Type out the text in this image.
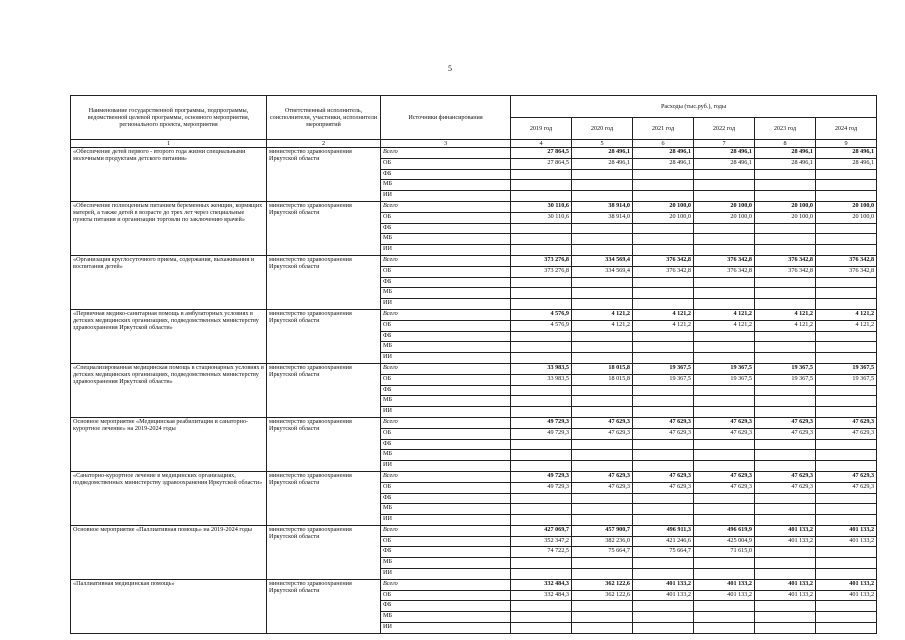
5
Наименование государственной программы, подпрограммы, ведомственной целевой программы, основного мероприятия, регионального проекта, мероприятия	Ответственный исполнитель, соисполнители, участники, исполнители мероприятий	Источники финансирования	Расходы (тыс.руб.), годы					
			2019 год	2020 год	2021 год	2022 год	2023 год	2024 год
1	2	3	4	5	6	7	8	9
«Обеспечение детей первого - второго года жизни специальными молочными продуктами детского питания»	министерство здравоохранения Иркутской области	Всего	27 864,5	28 496,1	28 496,1	28 496,1	28 496,1	28 496,1
		ОБ	27 864,5	28 496,1	28 496,1	28 496,1	28 496,1	28 496,1
		ФБ						
		МБ						
		ИИ						
«Обеспечение полноценным питанием беременных женщин, кормящих матерей, а также детей в возрасте до трех лет через специальные пункты питания и организации торговли по заключению врачей»	министерство здравоохранения Иркутской области	Всего	30 110,6	38 914,0	20 100,0	20 100,0	20 100,0	20 100,0
		ОБ	30 110,6	38 914,0	20 100,0	20 100,0	20 100,0	20 100,0
		ФБ						
		МБ						
		ИИ						
«Организация круглосуточного приема, содержания, выхаживания и воспитания детей»	министерство здравоохранения Иркутской области	Всего	373 276,8	334 569,4	376 342,8	376 342,8	376 342,8	376 342,8
		ОБ	373 276,8	334 569,4	376 342,8	376 342,8	376 342,8	376 342,8
		ФБ						
		МБ						
		ИИ						
«Первичная медико-санитарная помощь в амбулаторных условиях в детских медицинских организациях, подведомственных министерству здравоохранения Иркутской области»	министерство здравоохранения Иркутской области	Всего	4 576,9	4 121,2	4 121,2	4 121,2	4 121,2	4 121,2
		ОБ	4 576,9	4 121,2	4 121,2	4 121,2	4 121,2	4 121,2
		ФБ						
		МБ						
		ИИ						
«Специализированная медицинская помощь в стационарных условиях в детских медицинских организациях, подведомственных министерству здравоохранения Иркутской области»	министерство здравоохранения Иркутской области	Всего	33 983,5	18 015,8	19 367,5	19 367,5	19 367,5	19 367,5
		ОБ	33 983,5	18 015,8	19 367,5	19 367,5	19 367,5	19 367,5
		ФБ						
		МБ						
		ИИ						
Основное мероприятие «Медицинская реабилитация и санаторно-курортное лечение» на 2019-2024 годы	министерство здравоохранения Иркутской области	Всего	49 729,3	47 629,3	47 629,3	47 629,3	47 629,3	47 629,3
		ОБ	49 729,3	47 629,3	47 629,3	47 629,3	47 629,3	47 629,3
		ФБ						
		МБ						
		ИИ						
«Санаторно-курортное лечение в медицинских организациях, подведомственных министерству здравоохранения Иркутской области»	министерство здравоохранения Иркутской области	Всего	49 729,3	47 629,3	47 629,3	47 629,3	47 629,3	47 629,3
		ОБ	49 729,3	47 629,3	47 629,3	47 629,3	47 629,3	47 629,3
		ФБ						
		МБ						
		ИИ						
Основное мероприятие «Паллиативная помощь» на 2019-2024 годы	министерство здравоохранения Иркутской области	Всего	427 069,7	457 900,7	496 911,3	496 619,9	401 133,2	401 133,2
		ОБ	352 347,2	382 236,0	421 246,6	425 004,9	401 133,2	401 133,2
		ФБ	74 722,5	75 664,7	75 664,7	71 615,0		
		МБ						
		ИИ						
«Паллиативная медицинская помощь»	министерство здравоохранения Иркутской области	Всего	332 484,3	362 122,6	401 133,2	401 133,2	401 133,2	401 133,2
		ОБ	332 484,3	362 122,6	401 133,2	401 133,2	401 133,2	401 133,2
		ФБ						
		МБ						
		ИИ						
